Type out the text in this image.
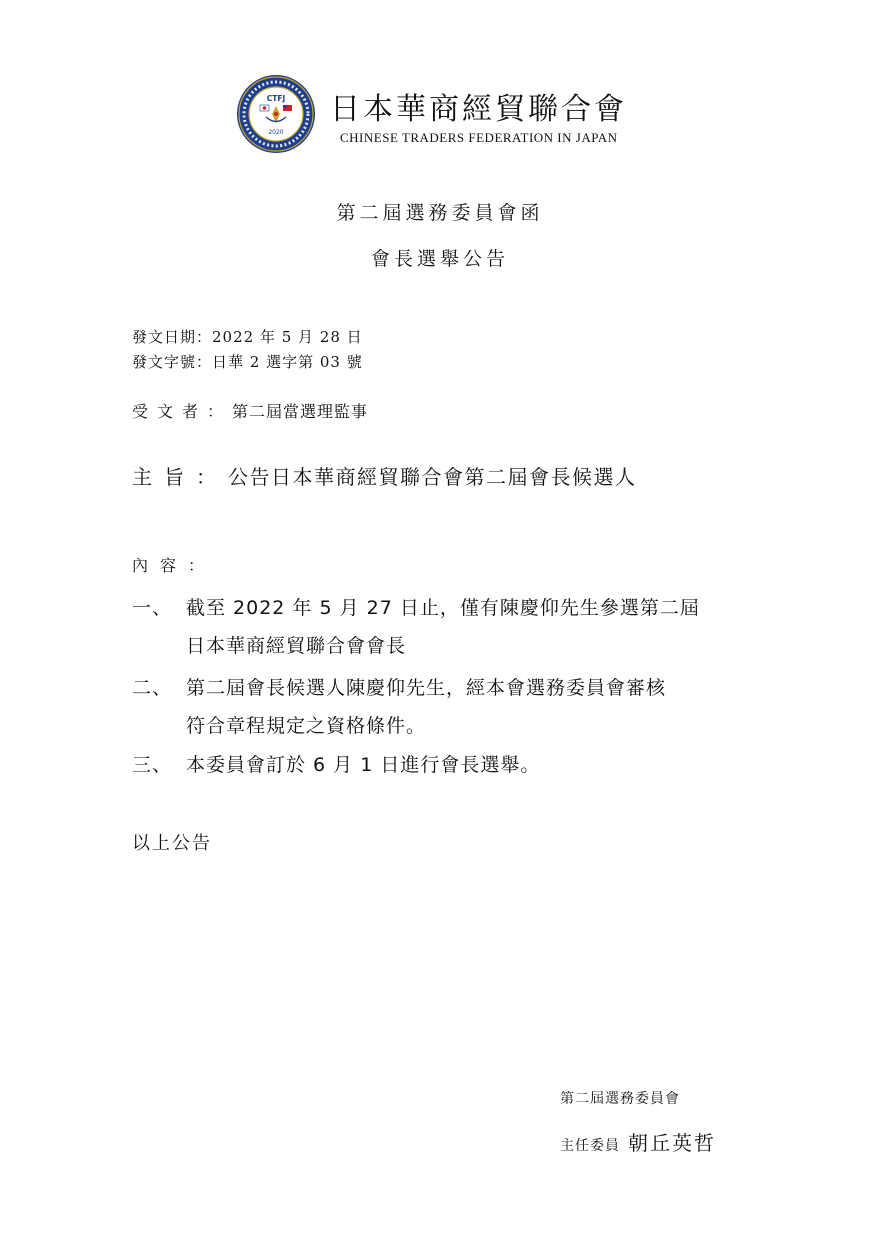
CTFJ
2020
日本華商經貿聯合會
CHINESE TRADERS FEDERATION IN JAPAN
第二屆選務委員會函
會長選舉公告
發文日期：2022 年 5 月 28 日
發文字號：日華 2 選字第 03 號
受文者：第二屆當選理監事
主旨：公告日本華商經貿聯合會第二屆會長候選人
內容：
一、 截至 2022 年 5 月 27 日止，僅有陳慶仰先生參選第二屆
日本華商經貿聯合會會長
二、 第二屆會長候選人陳慶仰先生，經本會選務委員會審核
符合章程規定之資格條件。
三、 本委員會訂於 6 月 1 日進行會長選舉。
以上公告
第二屆選務委員會
主任委員 朝丘英哲
